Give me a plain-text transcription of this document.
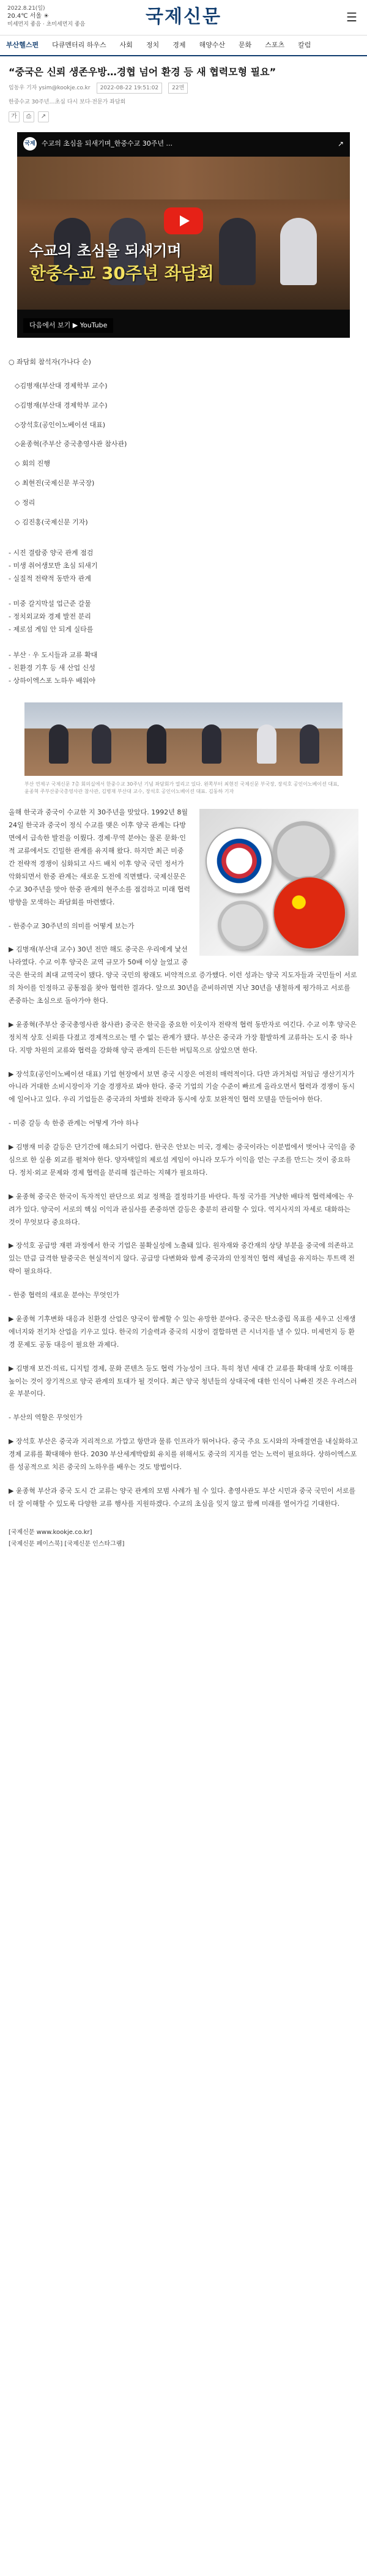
2022.8.21(일)
20.4℃ 서울 ☀
미세먼지 좋음 · 초미세먼지 좋음	국제신문	☰
부산헬스편 다큐멘터리 하우스 사회 정치 경제 해양수산 문화 스포츠 칼럼
“중국은 신뢰 생존우방…경협 넘어 환경 등 새 협력모형 필요”
임동우 기자 ysim@kookje.co.kr	2022-08-22 19:51:02	22면
한중수교 30주년…초심 다시 보다·전문가 좌담회
가	⎙	↗
국제 수교의 초심을 되새기며_한중수교 30주년 ...	↗
수교의 초심을 되새기며
한중수교 30주년 좌담회
다음에서 보기 ▶ YouTube

○ 좌담회 참석자(가나다 순)

◇김병재(부산대 경제학부 교수)

◇김병재(부산대 경제학부 교수)

◇장석호(공인이노베이션 대표)

◇윤종혁(주부산 중국총영사관 참사관)

◇ 회의 진행

◇ 최현진(국제신문 부국장)

◇ 정리

◇ 김진홍(국제신문 기자)

- 시진 결람중 양국 관계 점검

- 미생 취어생모반 초심 되새기

- 실질적 전략적 동반자 관계

- 미중 갈지막설 업근준 갈물

- 정치외교와 경제 발전 분리

- 제로섬 게임 안 되게 실타를

- 부산 · 우 도시들과 교류 확대

- 친환경 기후 등 새 산업 신성

- 상하이엑스포 노하우 배워야

부산 연제구 국제신문 7층 회의실에서 한중수교 30주년 기념 좌담회가 열리고 있다. 왼쪽부터 최현진 국제신문 부국장, 장석호 공인이노베이션 대표, 윤종혁 주부산중국총영사관 참사관, 김병재 부산대 교수, 장석호 공인이노베이션 대표. 김동하 기자

올해 한국과 중국이 수교한 지 30주년을 맞았다. 1992년 8월 24일 한국과 중국이 정식 수교를 맺은 이후 양국 관계는 다방면에서 급속한 발전을 이뤘다. 경제·무역 분야는 물론 문화·인적 교류에서도 긴밀한 관계를 유지해 왔다. 하지만 최근 미중 간 전략적 경쟁이 심화되고 사드 배치 이후 양국 국민 정서가 악화되면서 한중 관계는 새로운 도전에 직면했다. 국제신문은 수교 30주년을 맞아 한중 관계의 현주소를 점검하고 미래 협력 방향을 모색하는 좌담회를 마련했다.

- 한중수교 30주년의 의미를 어떻게 보는가

▶ 김병재(부산대 교수) 30년 전만 해도 중국은 우리에게 낯선 나라였다. 수교 이후 양국은 교역 규모가 50배 이상 늘었고 중국은 한국의 최대 교역국이 됐다. 양국 국민의 왕래도 비약적으로 증가했다. 이런 성과는 양국 지도자들과 국민들이 서로의 차이를 인정하고 공통점을 찾아 협력한 결과다. 앞으로 30년을 준비하려면 지난 30년을 냉철하게 평가하고 서로를 존중하는 초심으로 돌아가야 한다.

▶ 윤종혁(주부산 중국총영사관 참사관) 중국은 한국을 중요한 이웃이자 전략적 협력 동반자로 여긴다. 수교 이후 양국은 정치적 상호 신뢰를 다졌고 경제적으로는 뗄 수 없는 관계가 됐다. 부산은 중국과 가장 활발하게 교류하는 도시 중 하나다. 지방 차원의 교류와 협력을 강화해 양국 관계의 든든한 버팀목으로 삼았으면 한다.

▶ 장석호(공인이노베이션 대표) 기업 현장에서 보면 중국 시장은 여전히 매력적이다. 다만 과거처럼 저임금 생산기지가 아니라 거대한 소비시장이자 기술 경쟁자로 봐야 한다. 중국 기업의 기술 수준이 빠르게 올라오면서 협력과 경쟁이 동시에 일어나고 있다. 우리 기업들은 중국과의 차별화 전략과 동시에 상호 보완적인 협력 모델을 만들어야 한다.

- 미중 갈등 속 한중 관계는 어떻게 가야 하나

▶ 김병재 미중 갈등은 단기간에 해소되기 어렵다. 한국은 안보는 미국, 경제는 중국이라는 이분법에서 벗어나 국익을 중심으로 한 실용 외교를 펼쳐야 한다. 양자택일의 제로섬 게임이 아니라 모두가 이익을 얻는 구조를 만드는 것이 중요하다. 정치·외교 문제와 경제 협력을 분리해 접근하는 지혜가 필요하다.

▶ 윤종혁 중국은 한국이 독자적인 판단으로 외교 정책을 결정하기를 바란다. 특정 국가를 겨냥한 배타적 협력체에는 우려가 있다. 양국이 서로의 핵심 이익과 관심사를 존중하면 갈등은 충분히 관리할 수 있다. 역지사지의 자세로 대화하는 것이 무엇보다 중요하다.

▶ 장석호 공급망 재편 과정에서 한국 기업은 불확실성에 노출돼 있다. 원자재와 중간재의 상당 부분을 중국에 의존하고 있는 만큼 급격한 탈중국은 현실적이지 않다. 공급망 다변화와 함께 중국과의 안정적인 협력 채널을 유지하는 투트랙 전략이 필요하다.

- 한중 협력의 새로운 분야는 무엇인가

▶ 윤종혁 기후변화 대응과 친환경 산업은 양국이 함께할 수 있는 유망한 분야다. 중국은 탄소중립 목표를 세우고 신재생에너지와 전기차 산업을 키우고 있다. 한국의 기술력과 중국의 시장이 결합하면 큰 시너지를 낼 수 있다. 미세먼지 등 환경 문제도 공동 대응이 필요한 과제다.

▶ 김병재 보건·의료, 디지털 경제, 문화 콘텐츠 등도 협력 가능성이 크다. 특히 청년 세대 간 교류를 확대해 상호 이해를 높이는 것이 장기적으로 양국 관계의 토대가 될 것이다. 최근 양국 청년들의 상대국에 대한 인식이 나빠진 것은 우려스러운 부분이다.

- 부산의 역할은 무엇인가

▶ 장석호 부산은 중국과 지리적으로 가깝고 항만과 물류 인프라가 뛰어나다. 중국 주요 도시와의 자매결연을 내실화하고 경제 교류를 확대해야 한다. 2030 부산세계박람회 유치를 위해서도 중국의 지지를 얻는 노력이 필요하다. 상하이엑스포를 성공적으로 치른 중국의 노하우를 배우는 것도 방법이다.

▶ 윤종혁 부산과 중국 도시 간 교류는 양국 관계의 모범 사례가 될 수 있다. 총영사관도 부산 시민과 중국 국민이 서로를 더 잘 이해할 수 있도록 다양한 교류 행사를 지원하겠다. 수교의 초심을 잊지 않고 함께 미래를 열어가길 기대한다.

[국제신문 www.kookje.co.kr]
[국제신문 페이스북] [국제신문 인스타그램]
